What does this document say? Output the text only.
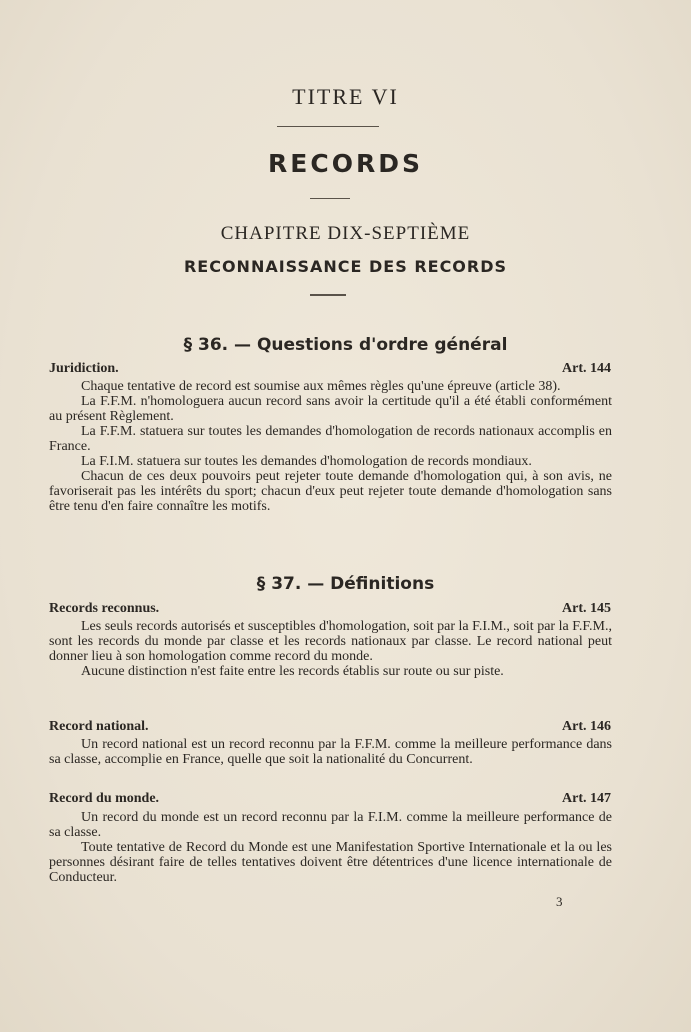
TITRE VI
RECORDS
CHAPITRE DIX-SEPTIÈME
RECONNAISSANCE DES RECORDS
§ 36. — Questions d'ordre général
Juridiction.	Art. 144

Chaque tentative de record est soumise aux mêmes règles qu'une épreuve (article 38).

La F.F.M. n'homologuera aucun record sans avoir la certitude qu'il a été établi conformément au présent Règlement.

La F.F.M. statuera sur toutes les demandes d'homologation de records nationaux accomplis en France.

La F.I.M. statuera sur toutes les demandes d'homologation de records mondiaux.

Chacun de ces deux pouvoirs peut rejeter toute demande d'homologation qui, à son avis, ne favoriserait pas les intérêts du sport; chacun d'eux peut rejeter toute demande d'homologation sans être tenu d'en faire connaître les motifs.

§ 37. — Définitions
Records reconnus.	Art. 145

Les seuls records autorisés et susceptibles d'homologation, soit par la F.I.M., soit par la F.F.M., sont les records du monde par classe et les records nationaux par classe. Le record national peut donner lieu à son homologation comme record du monde.

Aucune distinction n'est faite entre les records établis sur route ou sur piste.

Record national.	Art. 146

Un record national est un record reconnu par la F.F.M. comme la meilleure performance dans sa classe, accomplie en France, quelle que soit la nationalité du Concurrent.

Record du monde.	Art. 147

Un record du monde est un record reconnu par la F.I.M. comme la meilleure performance de sa classe.

Toute tentative de Record du Monde est une Manifestation Sportive Internationale et la ou les personnes désirant faire de telles tentatives doivent être détentrices d'une licence internationale de Conducteur.

3
